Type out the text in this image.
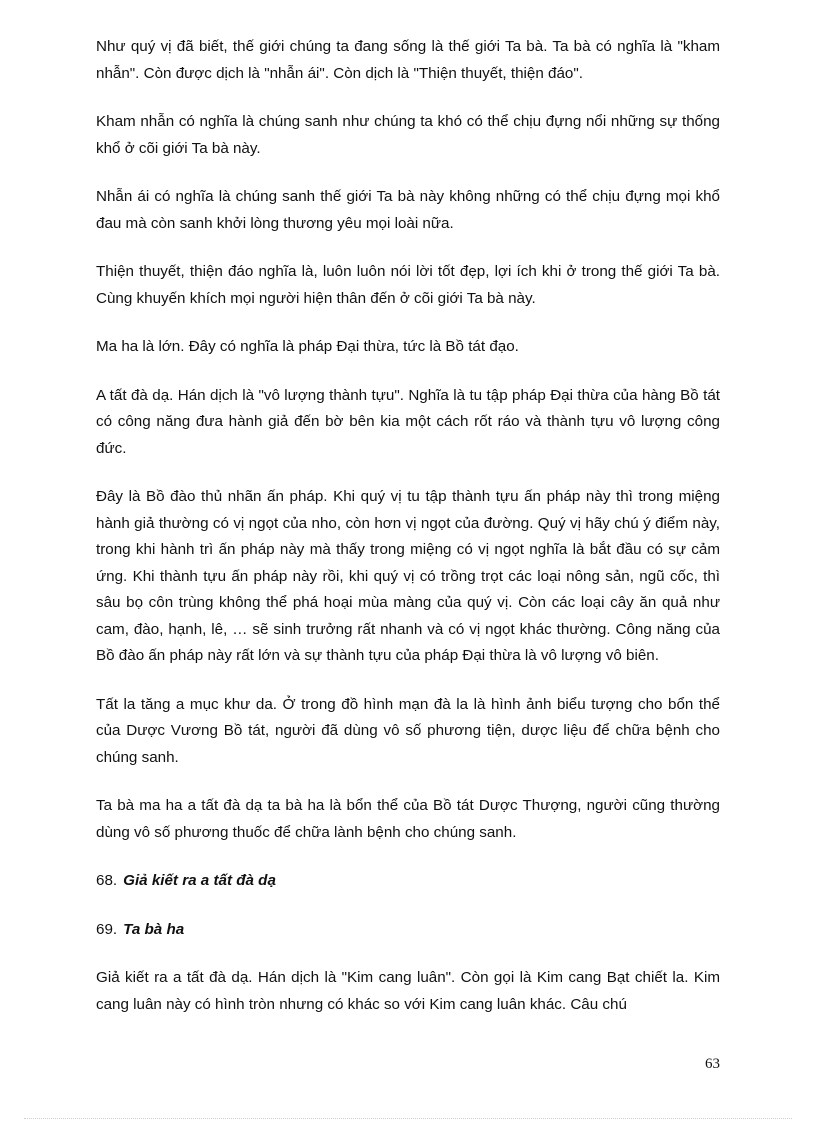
Như quý vị đã biết, thế giới chúng ta đang sống là thế giới Ta bà. Ta bà có nghĩa là "kham nhẫn". Còn được dịch là "nhẫn ái". Còn dịch là "Thiện thuyết, thiện đáo".

Kham nhẫn có nghĩa là chúng sanh như chúng ta khó có thể chịu đựng nổi những sự thống khổ ở cõi giới Ta bà này.

Nhẫn ái có nghĩa là chúng sanh thế giới Ta bà này không những có thể chịu đựng mọi khổ đau mà còn sanh khởi lòng thương yêu mọi loài nữa.

Thiện thuyết, thiện đáo nghĩa là, luôn luôn nói lời tốt đẹp, lợi ích khi ở trong thế giới Ta bà. Cùng khuyến khích mọi người hiện thân đến ở cõi giới Ta bà này.

Ma ha là lớn. Đây có nghĩa là pháp Đại thừa, tức là Bồ tát đạo.

A tất đà dạ. Hán dịch là "vô lượng thành tựu". Nghĩa là tu tập pháp Đại thừa của hàng Bồ tát có công năng đưa hành giả đến bờ bên kia một cách rốt ráo và thành tựu vô lượng công đức.

Đây là Bồ đào thủ nhãn ấn pháp. Khi quý vị tu tập thành tựu ấn pháp này thì trong miệng hành giả thường có vị ngọt của nho, còn hơn vị ngọt của đường. Quý vị hãy chú ý điểm này, trong khi hành trì ấn pháp này mà thấy trong miệng có vị ngọt nghĩa là bắt đầu có sự cảm ứng. Khi thành tựu ấn pháp này rồi, khi quý vị có trồng trọt các loại nông sản, ngũ cốc, thì sâu bọ côn trùng không thể phá hoại mùa màng của quý vị. Còn các loại cây ăn quả như cam, đào, hạnh, lê, … sẽ sinh trưởng rất nhanh và có vị ngọt khác thường. Công năng của Bồ đào ấn pháp này rất lớn và sự thành tựu của pháp Đại thừa là vô lượng vô biên.

Tất la tăng a mục khư da. Ở trong đồ hình mạn đà la là hình ảnh biểu tượng cho bổn thể của Dược Vương Bồ tát, người đã dùng vô số phương tiện, dược liệu để chữa bệnh cho chúng sanh.

Ta bà ma ha a tất đà dạ ta bà ha là bổn thể của Bồ tát Dược Thượng, người cũng thường dùng vô số phương thuốc để chữa lành bệnh cho chúng sanh.

68. Giả kiết ra a tất đà dạ
69. Ta bà ha

Giả kiết ra a tất đà dạ. Hán dịch là "Kim cang luân". Còn gọi là Kim cang Bạt chiết la. Kim cang luân này có hình tròn nhưng có khác so với Kim cang luân khác. Câu chú

63
